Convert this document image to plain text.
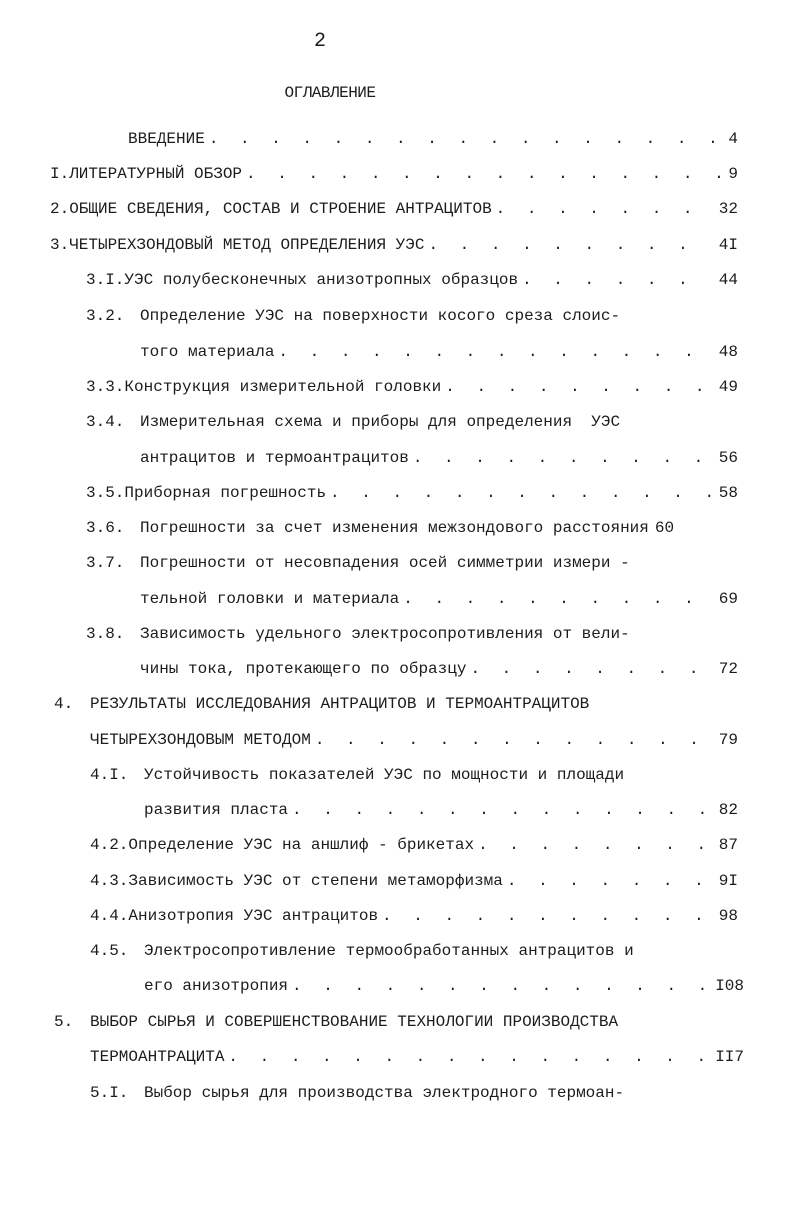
2
ОГЛАВЛЕНИЕ
ВВЕДЕНИЕ . . .	4
I. ЛИТЕРАТУРНЫЙ ОБЗОР . . .	9
2. ОБЩИЕ СВЕДЕНИЯ, СОСТАВ И СТРОЕНИЕ АНТРАЦИТОВ . . .	32
3. ЧЕТЫРЕХЗОНДОВЫЙ МЕТОД ОПРЕДЕЛЕНИЯ УЭС . . .	4I
3.I. УЭС полубесконечных анизотропных образцов . . .	44
3.2. Определение УЭС на поверхности косого среза слоис-
того материала . . .	48
3.3. Конструкция измерительной головки . . .	49
3.4. Измерительная схема и приборы для определения  УЭС
антрацитов и термоантрацитов . . .	56
3.5. Приборная погрешность . . .	58
3.6. Погрешности за счет изменения межзондового расстояния 60
3.7. Погрешности от несовпадения осей симметрии измери -
тельной головки и материала . . .	69
3.8. Зависимость удельного электросопротивления от вели-
чины тока, протекающего по образцу . . .	72
4.	РЕЗУЛЬТАТЫ ИССЛЕДОВАНИЯ АНТРАЦИТОВ И ТЕРМОАНТРАЦИТОВ
ЧЕТЫРЕХЗОНДОВЫМ МЕТОДОМ . . .	79
4.I. Устойчивость показателей УЭС по мощности и площади
развития пласта . . .	82
4.2. Определение УЭС на аншлиф - брикетах . . .	87
4.3. Зависимость УЭС от степени метаморфизма . . .	9I
4.4. Анизотропия УЭС антрацитов . . .	98
4.5. Электросопротивление термообработанных антрацитов и
его анизотропия . . .	I08
5.	ВЫБОР СЫРЬЯ И СОВЕРШЕНСТВОВАНИЕ ТЕХНОЛОГИИ ПРОИЗВОДСТВА
ТЕРМОАНТРАЦИТА . . .	II7
5.I. Выбор сырья для производства электродного термоан-
